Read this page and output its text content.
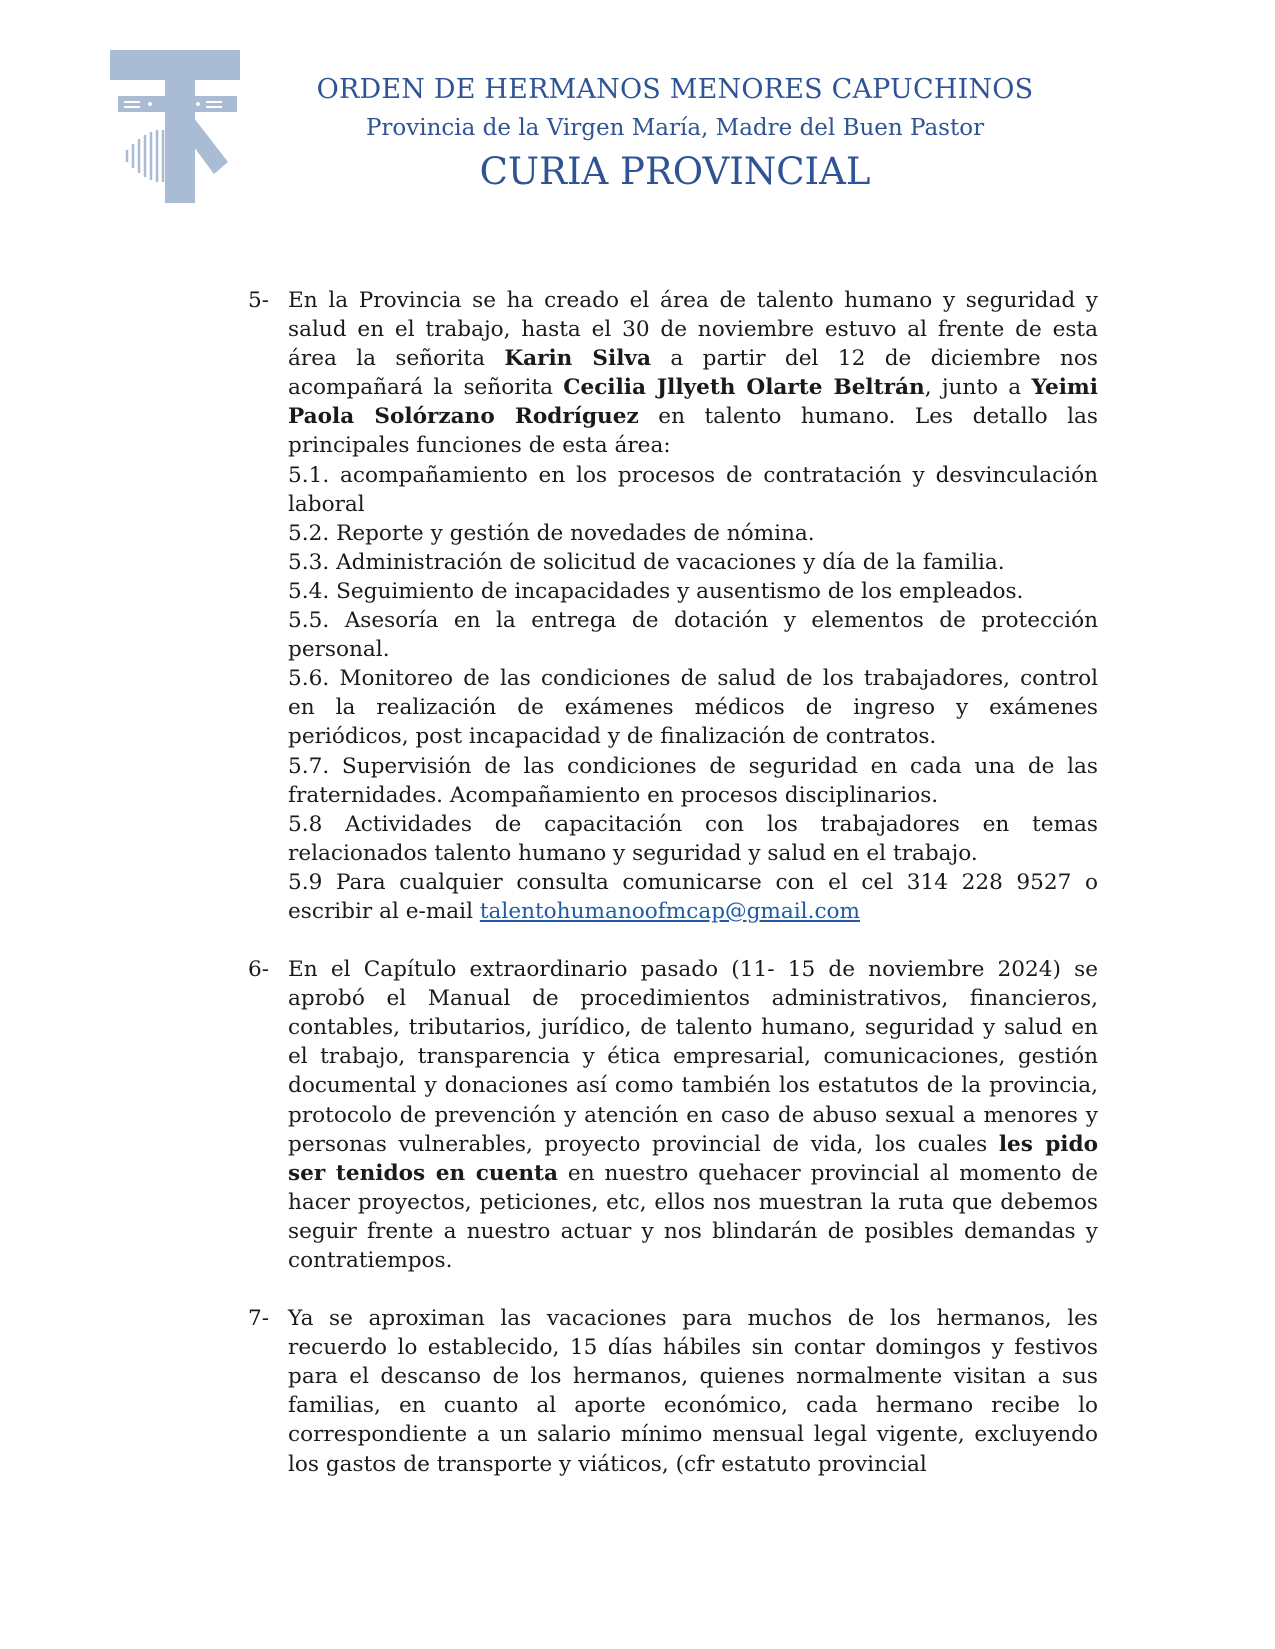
ORDEN DE HERMANOS MENORES CAPUCHINOS
Provincia de la Virgen María, Madre del Buen Pastor
CURIA PROVINCIAL
5- En la Provincia se ha creado el área de talento humano y seguridad y salud en el trabajo, hasta el 30 de noviembre estuvo al frente de esta área la señorita Karin Silva a partir del 12 de diciembre nos acompañará la señorita Cecilia Jllyeth Olarte Beltrán, junto a Yeimi Paola Solórzano Rodríguez en talento humano. Les detallo las principales funciones de esta área:

5.1. acompañamiento en los procesos de contratación y desvinculación laboral

5.2. Reporte y gestión de novedades de nómina.

5.3. Administración de solicitud de vacaciones y día de la familia.

5.4. Seguimiento de incapacidades y ausentismo de los empleados.

5.5. Asesoría en la entrega de dotación y elementos de protección personal.

5.6. Monitoreo de las condiciones de salud de los trabajadores, control en la realización de exámenes médicos de ingreso y exámenes periódicos, post incapacidad y de finalización de contratos.

5.7. Supervisión de las condiciones de seguridad en cada una de las fraternidades. Acompañamiento en procesos disciplinarios.

5.8 Actividades de capacitación con los trabajadores en temas relacionados talento humano y seguridad y salud en el trabajo.

5.9 Para cualquier consulta comunicarse con el cel 314 228 9527 o escribir al e-mail talentohumanoofmcap@gmail.com

6- En el Capítulo extraordinario pasado (11- 15 de noviembre 2024) se aprobó el Manual de procedimientos administrativos, financieros, contables, tributarios, jurídico, de talento humano, seguridad y salud en el trabajo, transparencia y ética empresarial, comunicaciones, gestión documental y donaciones así como también los estatutos de la provincia, protocolo de prevención y atención en caso de abuso sexual a menores y personas vulnerables, proyecto provincial de vida, los cuales les pido ser tenidos en cuenta en nuestro quehacer provincial al momento de hacer proyectos, peticiones, etc, ellos nos muestran la ruta que debemos seguir frente a nuestro actuar y nos blindarán de posibles demandas y contratiempos.

7- Ya se aproximan las vacaciones para muchos de los hermanos, les recuerdo lo establecido, 15 días hábiles sin contar domingos y festivos para el descanso de los hermanos, quienes normalmente visitan a sus familias, en cuanto al aporte económico, cada hermano recibe lo correspondiente a un salario mínimo mensual legal vigente, excluyendo los gastos de transporte y viáticos, (cfr estatuto provincial
